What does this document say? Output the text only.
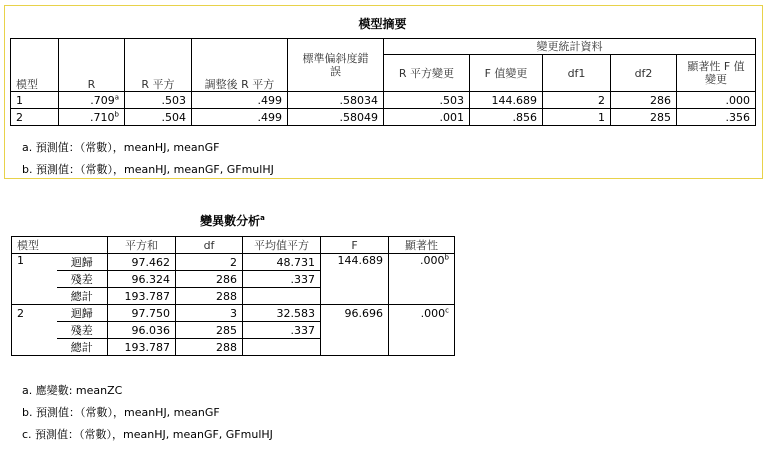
模型摘要
模型	R	R 平方	調整後 R 平方	標準偏斜度錯誤	變更統計資料				
					R 平方變更	F 值變更	df1	df2	顯著性 F 值變更
1	.709$^a$	.503	.499	.58034	.503	144.689	2	286	.000
2	.710$^b$	.504	.499	.58049	.001	.856	1	285	.356
a. 預測值：（常數），meanHJ, meanGF
b. 預測值：（常數），meanHJ, meanGF, GFmulHJ
變異數分析$^a$
模型		平方和	df	平均值平方	F	顯著性
1	迴歸	97.462	2	48.731	144.689	.000$^b$
	殘差	96.324	286	.337		
	總計	193.787	288			
2	迴歸	97.750	3	32.583	96.696	.000$^c$
	殘差	96.036	285	.337		
	總計	193.787	288			
a. 應變數: meanZC
b. 預測值：（常數），meanHJ, meanGF
c. 預測值：（常數），meanHJ, meanGF, GFmulHJ
